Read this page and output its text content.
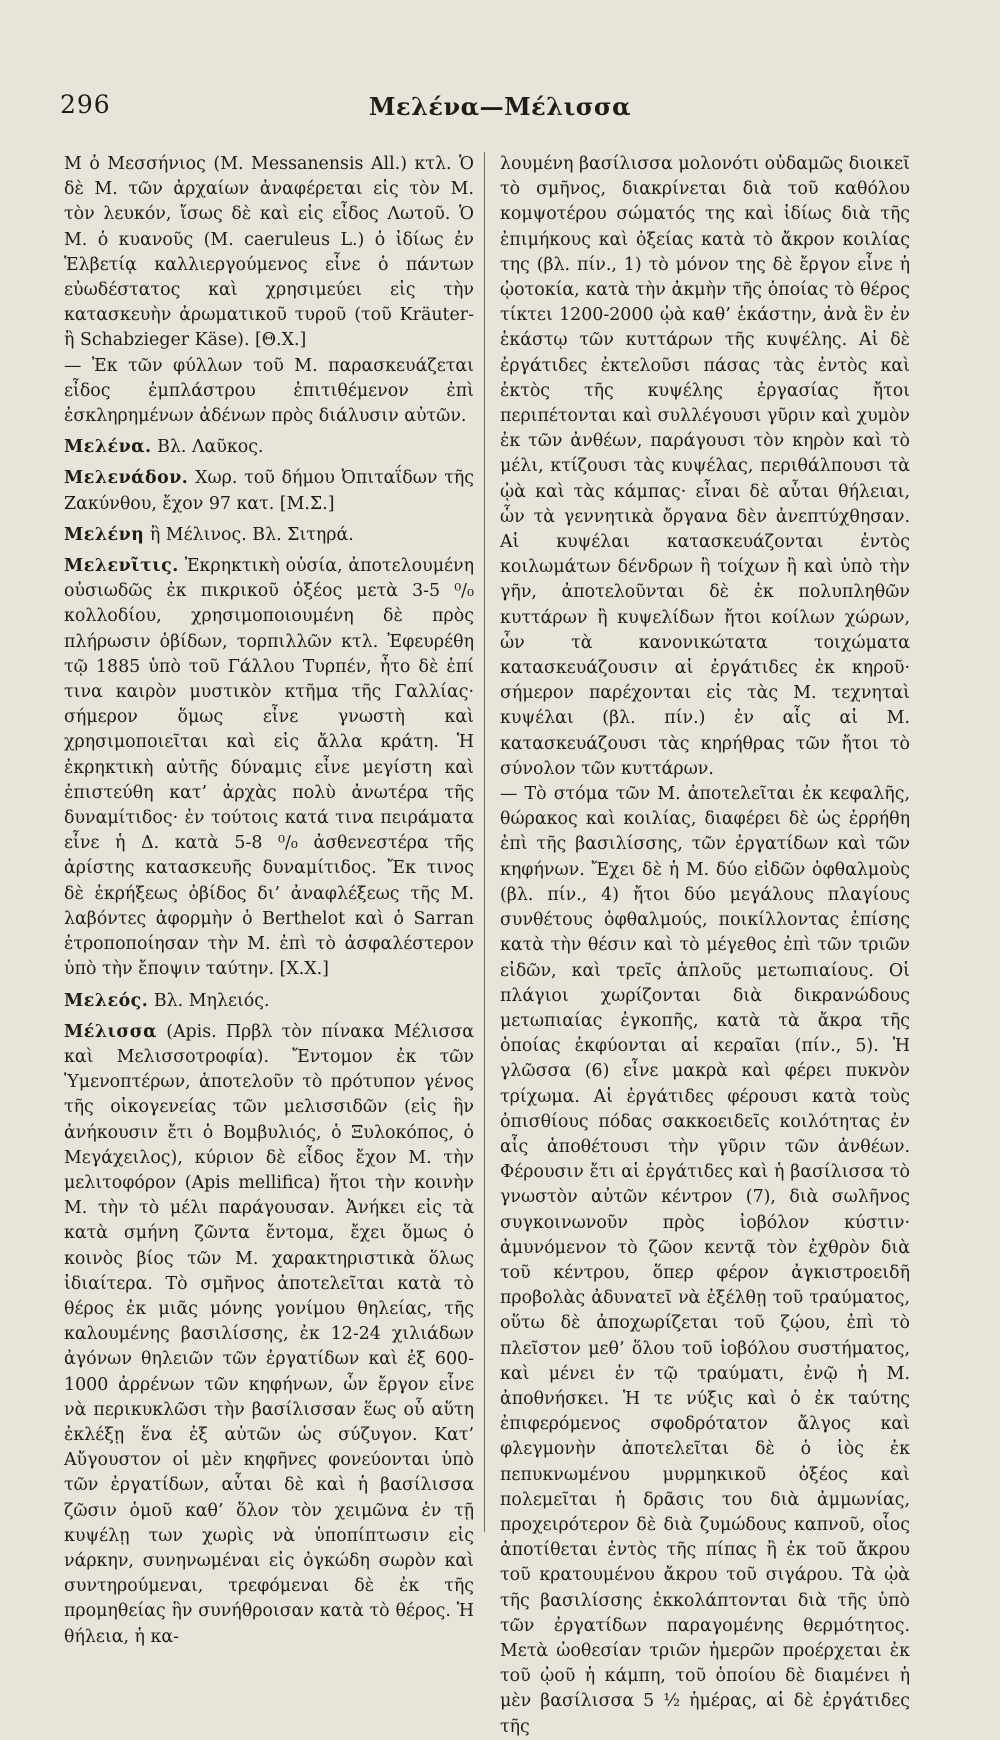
296	Μελένα—Μέλισσα

Μ ὁ Μεσσήνιος (Μ. Messanensis All.) κτλ. Ὁ δὲ Μ. τῶν ἀρχαίων ἀναφέρεται εἰς τὸν Μ. τὸν λευκόν, ἴσως δὲ καὶ εἰς εἶδος Λωτοῦ. Ὁ Μ. ὁ κυανοῦς (Μ. caeruleus L.) ὁ ἰδίως ἐν Ἑλβετίᾳ καλλιεργούμενος εἶνε ὁ πάντων εὐωδέστατος καὶ χρησιμεύει εἰς τὴν κατασκευὴν ἀρωματικοῦ τυροῦ (τοῦ Kräuter-ἢ Schabzieger Käse). [Θ.Χ.]

— Ἐκ τῶν φύλλων τοῦ Μ. παρασκευάζεται εἶδος ἐμπλάστρου ἐπιτιθέμενον ἐπὶ ἐσκληρημένων ἀδένων πρὸς διάλυσιν αὐτῶν.

Μελένα. Βλ. Λαῦκος.

Μελενάδον. Χωρ. τοῦ δήμου Ὀπιταΐδων τῆς Ζακύνθου, ἔχον 97 κατ. [Μ.Σ.]

Μελένη ἢ Μέλινος. Βλ. Σιτηρά.

Μελενῖτις. Ἐκρηκτικὴ οὐσία, ἀποτελουμένη οὐσιωδῶς ἐκ πικρικοῦ ὀξέος μετὰ 3-5 ⁰/₀ κολλοδίου, χρησιμοποιουμένη δὲ πρὸς πλήρωσιν ὀβίδων, τορπιλλῶν κτλ. Ἐφευρέθη τῷ 1885 ὑπὸ τοῦ Γάλλου Τυρπέν, ἦτο δὲ ἐπί τινα καιρὸν μυστικὸν κτῆμα τῆς Γαλλίας· σήμερον ὅμως εἶνε γνωστὴ καὶ χρησιμοποιεῖται καὶ εἰς ἄλλα κράτη. Ἡ ἐκρηκτικὴ αὐτῆς δύναμις εἶνε μεγίστη καὶ ἐπιστεύθη κατ’ ἀρχὰς πολὺ ἀνωτέρα τῆς δυναμίτιδος· ἐν τούτοις κατά τινα πειράματα εἶνε ἡ Δ. κατὰ 5-8 ⁰/₀ ἀσθενεστέρα τῆς ἀρίστης κατασκευῆς δυναμίτιδος. Ἔκ τινος δὲ ἐκρήξεως ὀβίδος δι’ ἀναφλέξεως τῆς Μ. λαβόντες ἀφορμὴν ὁ Berthelot καὶ ὁ Sarran ἐτροποποίησαν τὴν Μ. ἐπὶ τὸ ἀσφαλέστερον ὑπὸ τὴν ἔποψιν ταύτην. [Χ.Χ.]

Μελεός. Βλ. Μηλειός.

Μέλισσα (Apis. Πρβλ τὸν πίνακα Μέλισσα καὶ Μελισσοτροφία). Ἔντομον ἐκ τῶν Ὑμενοπτέρων, ἀποτελοῦν τὸ πρότυπον γένος τῆς οἰκογενείας τῶν μελισσιδῶν (εἰς ἣν ἀνήκουσιν ἔτι ὁ Βομβυλιός, ὁ Ξυλοκόπος, ὁ Μεγάχειλος), κύριον δὲ εἶδος ἔχον Μ. τὴν μελιτοφόρον (Apis mellifica) ἥτοι τὴν κοινὴν Μ. τὴν τὸ μέλι παράγουσαν. Ἀνήκει εἰς τὰ κατὰ σμήνη ζῶντα ἔντομα, ἔχει ὅμως ὁ κοινὸς βίος τῶν Μ. χαρακτηριστικὰ ὅλως ἰδιαίτερα. Τὸ σμῆνος ἀποτελεῖται κατὰ τὸ θέρος ἐκ μιᾶς μόνης γονίμου θηλείας, τῆς καλουμένης βασιλίσσης, ἐκ 12-24 χιλιάδων ἀγόνων θηλειῶν τῶν ἐργατίδων καὶ ἐξ 600-1000 ἀρρένων τῶν κηφήνων, ὧν ἔργον εἶνε νὰ περικυκλῶσι τὴν βασίλισσαν ἕως οὗ αὕτη ἐκλέξῃ ἕνα ἐξ αὐτῶν ὡς σύζυγον. Κατ’ Αὔγουστον οἱ μὲν κηφῆνες φονεύονται ὑπὸ τῶν ἐργατίδων, αὗται δὲ καὶ ἡ βασίλισσα ζῶσιν ὁμοῦ καθ’ ὅλον τὸν χειμῶνα ἐν τῇ κυψέλῃ των χωρὶς νὰ ὑποπίπτωσιν εἰς νάρκην, συνηνωμέναι εἰς ὀγκώδη σωρὸν καὶ συντηρούμεναι, τρεφόμεναι δὲ ἐκ τῆς προμηθείας ἣν συνήθροισαν κατὰ τὸ θέρος. Ἡ θήλεια, ἡ κα-

λουμένη βασίλισσα μολονότι οὐδαμῶς διοικεῖ τὸ σμῆνος, διακρίνεται διὰ τοῦ καθόλου κομψοτέρου σώματός της καὶ ἰδίως διὰ τῆς ἐπιμήκους καὶ ὀξείας κατὰ τὸ ἄκρον κοιλίας της (βλ. πίν., 1) τὸ μόνον της δὲ ἔργον εἶνε ἡ ᾠοτοκία, κατὰ τὴν ἀκμὴν τῆς ὁποίας τὸ θέρος τίκτει 1200-2000 ᾠὰ καθ’ ἑκάστην, ἀνὰ ἓν ἐν ἑκάστῳ τῶν κυττάρων τῆς κυψέλης. Αἱ δὲ ἐργάτιδες ἐκτελοῦσι πάσας τὰς ἐντὸς καὶ ἐκτὸς τῆς κυψέλης ἐργασίας ἤτοι περιπέτονται καὶ συλλέγουσι γῦριν καὶ χυμὸν ἐκ τῶν ἀνθέων, παράγουσι τὸν κηρὸν καὶ τὸ μέλι, κτίζουσι τὰς κυψέλας, περιθάλπουσι τὰ ᾠὰ καὶ τὰς κάμπας· εἶναι δὲ αὗται θήλειαι, ὧν τὰ γεννητικὰ ὄργανα δὲν ἀνεπτύχθησαν. Αἱ κυψέλαι κατασκευάζονται ἐντὸς κοιλωμάτων δένδρων ἢ τοίχων ἢ καὶ ὑπὸ τὴν γῆν, ἀποτελοῦνται δὲ ἐκ πολυπληθῶν κυττάρων ἢ κυψελίδων ἤτοι κοίλων χώρων, ὧν τὰ κανονικώτατα τοιχώματα κατασκευάζουσιν αἱ ἐργάτιδες ἐκ κηροῦ· σήμερον παρέχονται εἰς τὰς Μ. τεχνηταὶ κυψέλαι (βλ. πίν.) ἐν αἷς αἱ Μ. κατασκευάζουσι τὰς κηρήθρας τῶν ἤτοι τὸ σύνολον τῶν κυττάρων.

— Τὸ στόμα τῶν Μ. ἀποτελεῖται ἐκ κεφαλῆς, θώρακος καὶ κοιλίας, διαφέρει δὲ ὡς ἐρρήθη ἐπὶ τῆς βασιλίσσης, τῶν ἐργατίδων καὶ τῶν κηφήνων. Ἔχει δὲ ἡ Μ. δύο εἰδῶν ὀφθαλμοὺς (βλ. πίν., 4) ἤτοι δύο μεγάλους πλαγίους συνθέτους ὀφθαλμούς, ποικίλλοντας ἐπίσης κατὰ τὴν θέσιν καὶ τὸ μέγεθος ἐπὶ τῶν τριῶν εἰδῶν, καὶ τρεῖς ἁπλοῦς μετωπιαίους. Οἱ πλάγιοι χωρίζονται διὰ δικρανώδους μετωπιαίας ἐγκοπῆς, κατὰ τὰ ἄκρα τῆς ὁποίας ἐκφύονται αἱ κεραῖαι (πίν., 5). Ἡ γλῶσσα (6) εἶνε μακρὰ καὶ φέρει πυκνὸν τρίχωμα. Αἱ ἐργάτιδες φέρουσι κατὰ τοὺς ὀπισθίους πόδας σακκοειδεῖς κοιλότητας ἐν αἷς ἀποθέτουσι τὴν γῦριν τῶν ἀνθέων. Φέρουσιν ἔτι αἱ ἐργάτιδες καὶ ἡ βασίλισσα τὸ γνωστὸν αὐτῶν κέντρον (7), διὰ σωλῆνος συγκοινωνοῦν πρὸς ἰοβόλον κύστιν· ἀμυνόμενον τὸ ζῶον κεντᾷ τὸν ἐχθρὸν διὰ τοῦ κέντρου, ὅπερ φέρον ἀγκιστροειδῆ προβολὰς ἀδυνατεῖ νὰ ἐξέλθῃ τοῦ τραύματος, οὕτω δὲ ἀποχωρίζεται τοῦ ζῴου, ἐπὶ τὸ πλεῖστον μεθ’ ὅλου τοῦ ἰοβόλου συστήματος, καὶ μένει ἐν τῷ τραύματι, ἐνῷ ἡ Μ. ἀποθνήσκει. Ἡ τε νύξις καὶ ὁ ἐκ ταύτης ἐπιφερόμενος σφοδρότατον ἄλγος καὶ φλεγμονὴν ἀποτελεῖται δὲ ὁ ἰὸς ἐκ πεπυκνωμένου μυρμηκικοῦ ὀξέος καὶ πολεμεῖται ἡ δρᾶσις του διὰ ἀμμωνίας, προχειρότερον δὲ διὰ ζυμώδους καπνοῦ, οἷος ἀποτίθεται ἐντὸς τῆς πίπας ἢ ἐκ τοῦ ἄκρου τοῦ κρατουμένου ἄκρου τοῦ σιγάρου. Τὰ ᾠὰ τῆς βασιλίσσης ἐκκολάπτονται διὰ τῆς ὑπὸ τῶν ἐργατίδων παραγομένης θερμότητος. Μετὰ ὠοθεσίαν τριῶν ἡμερῶν προέρχεται ἐκ τοῦ ᾠοῦ ἡ κάμπη, τοῦ ὁποίου δὲ διαμένει ἡ μὲν βασίλισσα 5 ½ ἡμέρας, αἱ δὲ ἐργάτιδες τῆς
